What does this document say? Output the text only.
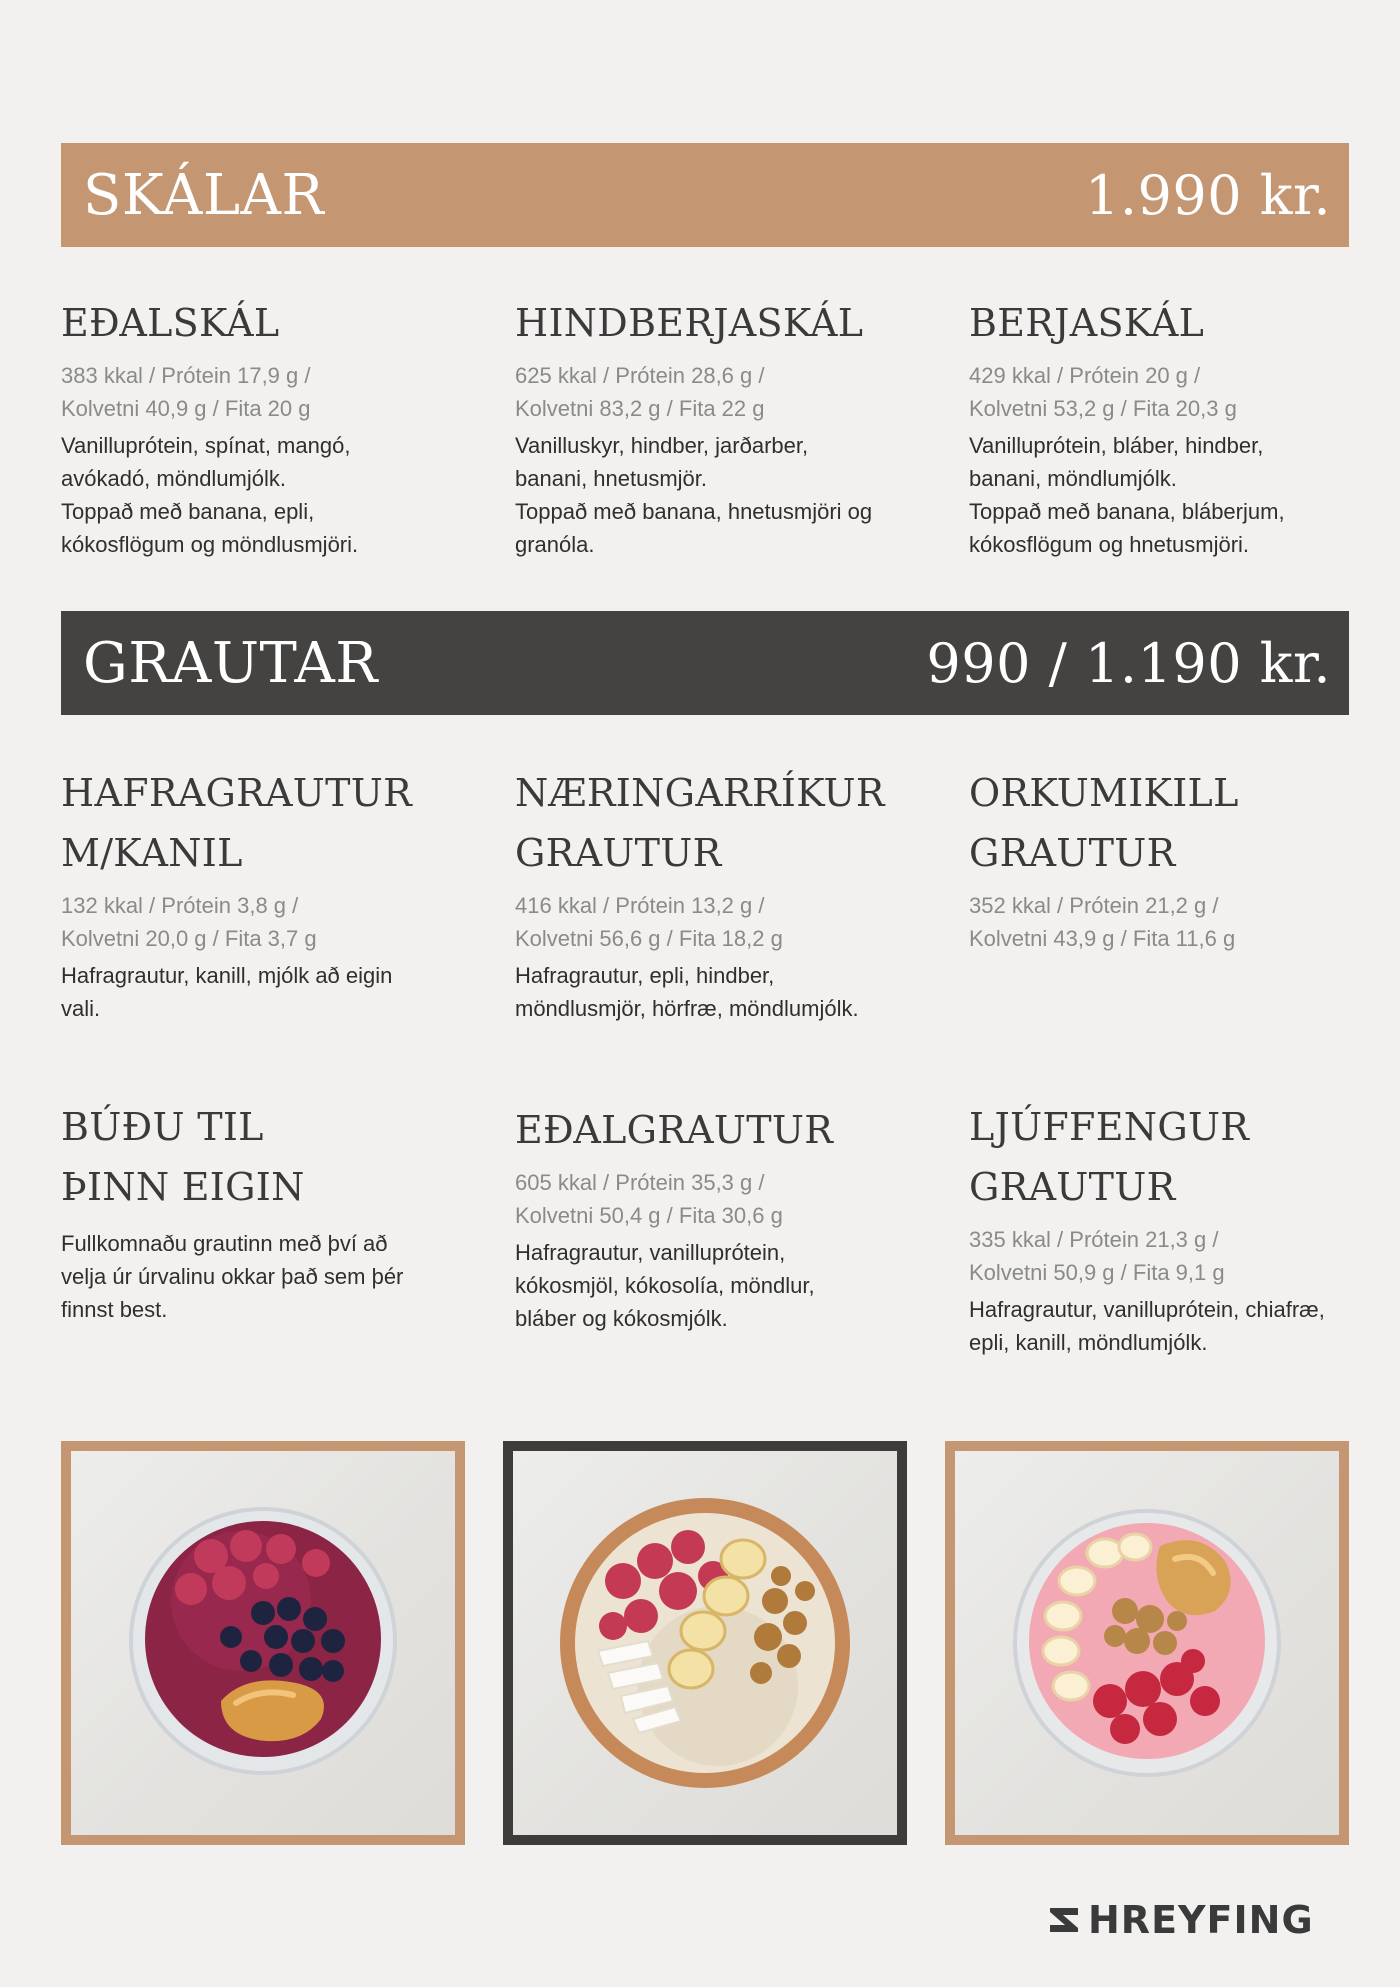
SKÁLAR	1.990 kr.
EÐALSKÁL

383 kkal / Prótein 17,9 g /
Kolvetni 40,9 g / Fita 20 g

Vanilluprótein, spínat, mangó,
avókadó, möndlumjólk.
Toppað með banana, epli,
kókosflögum og möndlusmjöri.

HINDBERJASKÁL

625 kkal / Prótein 28,6 g /
Kolvetni 83,2 g / Fita 22 g

Vanilluskyr, hindber, jarðarber,
banani, hnetusmjör.
Toppað með banana, hnetusmjöri og
granóla.

BERJASKÁL

429 kkal / Prótein 20 g /
Kolvetni 53,2 g / Fita 20,3 g

Vanilluprótein, bláber, hindber,
banani, möndlumjólk.
Toppað með banana, bláberjum,
kókosflögum og hnetusmjöri.

GRAUTAR	990 / 1.190 kr.
HAFRAGRAUTUR
M/KANIL

132 kkal / Prótein 3,8 g /
Kolvetni 20,0 g / Fita 3,7 g

Hafragrautur, kanill, mjólk að eigin
vali.

NÆRINGARRÍKUR
GRAUTUR

416 kkal / Prótein 13,2 g /
Kolvetni 56,6 g / Fita 18,2 g

Hafragrautur, epli, hindber,
möndlusmjör, hörfræ, möndlumjólk.

ORKUMIKILL
GRAUTUR

352 kkal / Prótein 21,2 g /
Kolvetni 43,9 g / Fita 11,6 g

BÚÐU TIL
ÞINN EIGIN

Fullkomnaðu grautinn með því að
velja úr úrvalinu okkar það sem þér
finnst best.

EÐALGRAUTUR

605 kkal / Prótein 35,3 g /
Kolvetni 50,4 g / Fita 30,6 g

Hafragrautur, vanilluprótein,
kókosmjöl, kókosolía, möndlur,
bláber og kókosmjólk.

LJÚFFENGUR
GRAUTUR

335 kkal / Prótein 21,3 g /
Kolvetni 50,9 g / Fita 9,1 g

Hafragrautur, vanilluprótein, chiafræ,
epli, kanill, möndlumjólk.

HREYFING
